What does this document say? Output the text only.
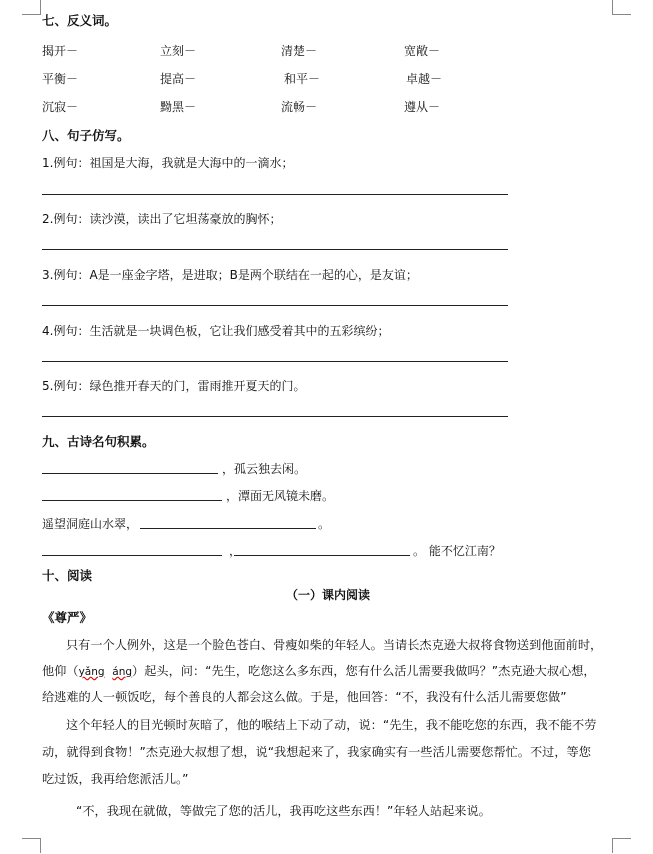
七、反义词。
揭开－	立刻－	清楚－	宽敞－
平衡－	提高－	和平－	卓越－
沉寂－	黝黑－	流畅－	遵从－
八、句子仿写。
1.例句：祖国是大海，我就是大海中的一滴水；
2.例句：读沙漠，读出了它坦荡豪放的胸怀；
3.例句：A是一座金字塔，是进取；B是两个联结在一起的心，是友谊；
4.例句：生活就是一块调色板，它让我们感受着其中的五彩缤纷；
5.例句：绿色推开春天的门，雷雨推开夏天的门。
九、古诗名句积累。
，孤云独去闲。
，潭面无风镜未磨。
遥望洞庭山水翠，	。
，	。 能不忆江南？
十、阅读
（一）课内阅读
《尊严》
只有一个人例外，这是一个脸色苍白、骨瘦如柴的年轻人。当请长杰克逊大叔将食物送到他面前时，
他仰（yǎng áng）起头，问：“先生，吃您这么多东西，您有什么活儿需要我做吗？”杰克逊大叔心想，
给逃难的人一顿饭吃，每个善良的人都会这么做。于是，他回答：“不，我没有什么活儿需要您做”
这个年轻人的目光顿时灰暗了，他的喉结上下动了动，说：“先生，我不能吃您的东西，我不能不劳
动，就得到食物！”杰克逊大叔想了想，说“我想起来了，我家确实有一些活儿需要您帮忙。不过，等您
吃过饭，我再给您派活儿。”
“不，我现在就做，等做完了您的活儿，我再吃这些东西！”年轻人站起来说。
